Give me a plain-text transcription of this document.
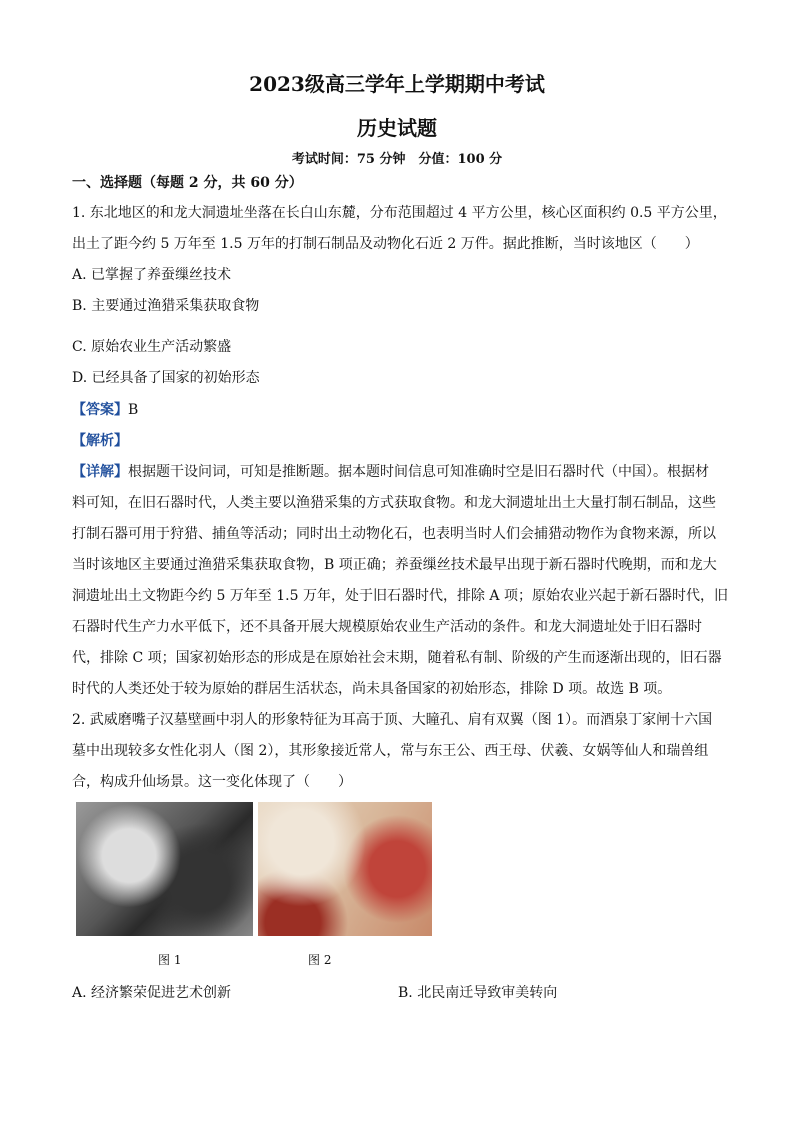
2023级高三学年上学期期中考试
历史试题
考试时间：75 分钟　分值：100 分
一、选择题（每题 2 分，共 60 分）
1. 东北地区的和龙大洞遗址坐落在长白山东麓，分布范围超过 4 平方公里，核心区面积约 0.5 平方公里，
出土了距今约 5 万年至 1.5 万年的打制石制品及动物化石近 2 万件。据此推断，当时该地区（　　）
A. 已掌握了养蚕缫丝技术
B. 主要通过渔猎采集获取食物
C. 原始农业生产活动繁盛
D. 已经具备了国家的初始形态
【答案】B
【解析】
【详解】根据题干设问词，可知是推断题。据本题时间信息可知准确时空是旧石器时代（中国）。根据材
料可知，在旧石器时代，人类主要以渔猎采集的方式获取食物。和龙大洞遗址出土大量打制石制品，这些
打制石器可用于狩猎、捕鱼等活动；同时出土动物化石，也表明当时人们会捕猎动物作为食物来源，所以
当时该地区主要通过渔猎采集获取食物，B 项正确；养蚕缫丝技术最早出现于新石器时代晚期，而和龙大
洞遗址出土文物距今约 5 万年至 1.5 万年，处于旧石器时代，排除 A 项；原始农业兴起于新石器时代，旧
石器时代生产力水平低下，还不具备开展大规模原始农业生产活动的条件。和龙大洞遗址处于旧石器时
代，排除 C 项；国家初始形态的形成是在原始社会末期，随着私有制、阶级的产生而逐渐出现的，旧石器
时代的人类还处于较为原始的群居生活状态，尚未具备国家的初始形态，排除 D 项。故选 B 项。
2. 武威磨嘴子汉墓壁画中羽人的形象特征为耳高于顶、大瞳孔、肩有双翼（图 1）。而酒泉丁家闸十六国
墓中出现较多女性化羽人（图 2），其形象接近常人，常与东王公、西王母、伏羲、女娲等仙人和瑞兽组
合，构成升仙场景。这一变化体现了（　　）
图 1	图 2
A. 经济繁荣促进艺术创新	B. 北民南迁导致审美转向
